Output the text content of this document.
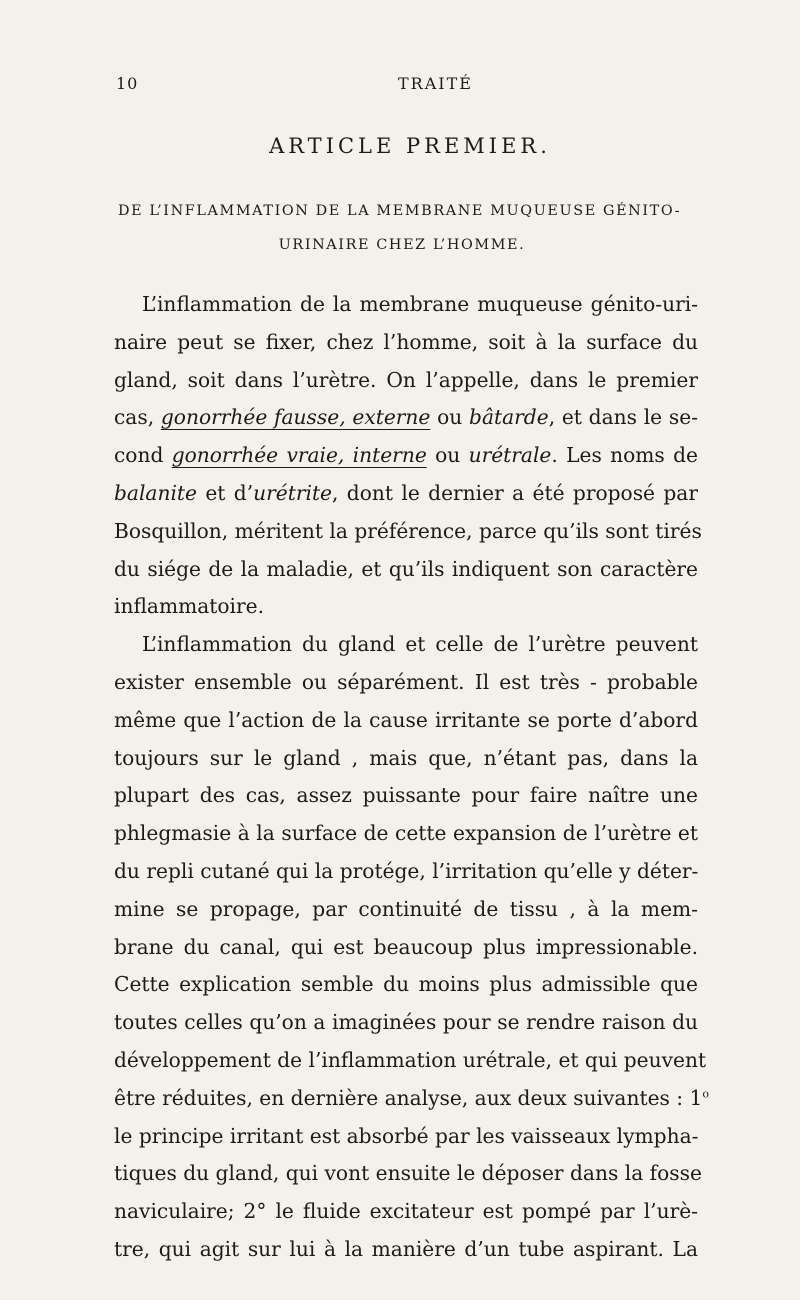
10	TRAITÉ
ARTICLE PREMIER.
DE L’INFLAMMATION DE LA MEMBRANE MUQUEUSE GÉNITO-
URINAIRE CHEZ L’HOMME.

L’inflammation de la membrane muqueuse génito-uri-
naire peut se fixer, chez l’homme, soit à la surface du
gland, soit dans l’urètre. On l’appelle, dans le premier
cas, gonorrhée fausse, externe ou bâtarde, et dans le se-
cond gonorrhée vraie, interne ou urétrale. Les noms de
balanite et d’urétrite, dont le dernier a été proposé par
Bosquillon, méritent la préférence, parce qu’ils sont tirés
du siége de la maladie, et qu’ils indiquent son caractère
inflammatoire.

L’inflammation du gland et celle de l’urètre peuvent
exister ensemble ou séparément. Il est très - probable
même que l’action de la cause irritante se porte d’abord
toujours sur le gland , mais que, n’étant pas, dans la
plupart des cas, assez puissante pour faire naître une
phlegmasie à la surface de cette expansion de l’urètre et
du repli cutané qui la protége, l’irritation qu’elle y déter-
mine se propage, par continuité de tissu , à la mem-
brane du canal, qui est beaucoup plus impressionable.
Cette explication semble du moins plus admissible que
toutes celles qu’on a imaginées pour se rendre raison du
développement de l’inflammation urétrale, et qui peuvent
être réduites, en dernière analyse, aux deux suivantes : 1$^o$
le principe irritant est absorbé par les vaisseaux lympha-
tiques du gland, qui vont ensuite le déposer dans la fosse
naviculaire; 2° le fluide excitateur est pompé par l’urè-
tre, qui agit sur lui à la manière d’un tube aspirant. La
